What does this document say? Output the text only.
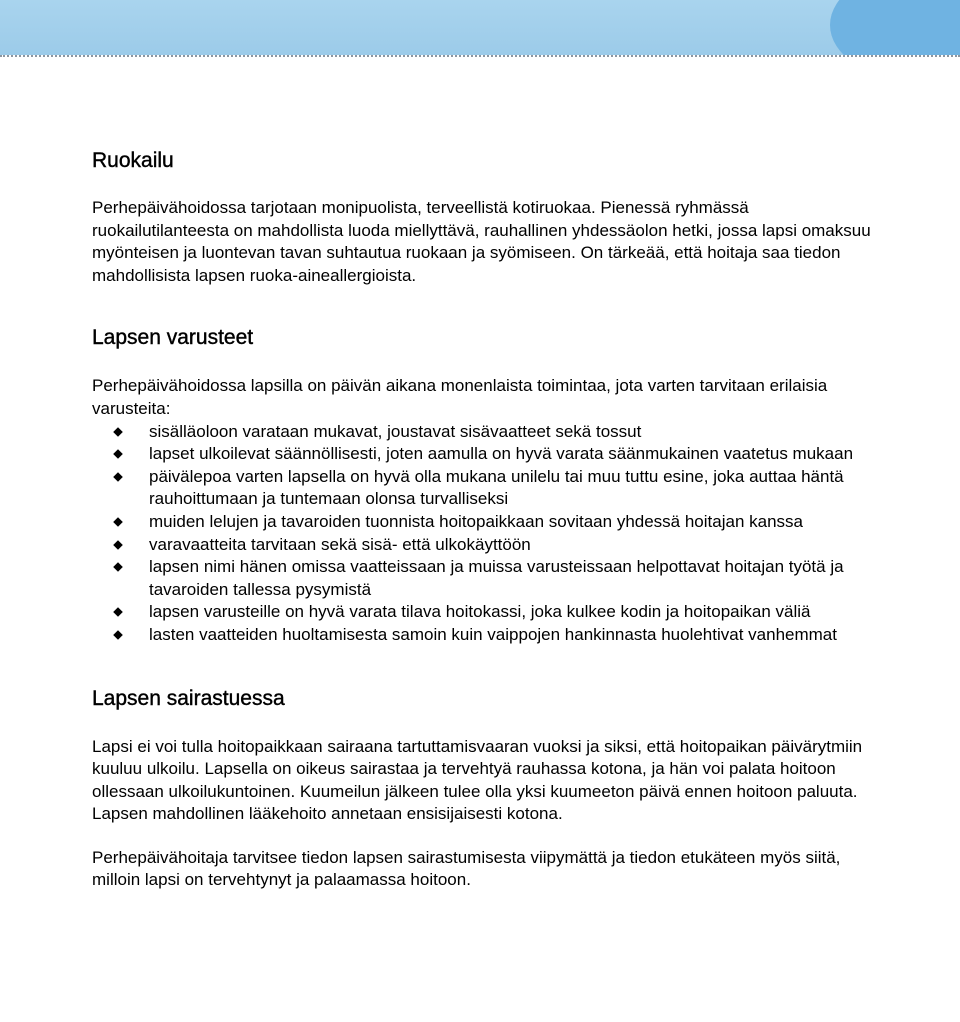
Ruokailu

Perhepäivähoidossa tarjotaan monipuolista, terveellistä kotiruokaa. Pienessä ryhmässä ruokailutilanteesta on mahdollista luoda miellyttävä, rauhallinen yhdessäolon hetki, jossa lapsi omaksuu myönteisen ja luontevan tavan suhtautua ruokaan ja syömiseen. On tärkeää, että hoitaja saa tiedon mahdollisista lapsen ruoka-aineallergioista.

Lapsen varusteet

Perhepäivähoidossa lapsilla on päivän aikana monenlaista toimintaa, jota varten tarvitaan erilaisia varusteita:

sisälläoloon varataan mukavat, joustavat sisävaatteet sekä tossut
lapset ulkoilevat säännöllisesti, joten aamulla on hyvä varata säänmukainen vaatetus mukaan
päivälepoa varten lapsella on hyvä olla mukana unilelu tai muu tuttu esine, joka auttaa häntä rauhoittumaan ja tuntemaan olonsa turvalliseksi
muiden lelujen ja tavaroiden tuonnista hoitopaikkaan sovitaan yhdessä hoitajan kanssa
varavaatteita tarvitaan sekä sisä- että ulkokäyttöön
lapsen nimi hänen omissa vaatteissaan ja muissa varusteissaan helpottavat hoitajan työtä ja tavaroiden tallessa pysymistä
lapsen varusteille on hyvä varata tilava hoitokassi, joka kulkee kodin ja hoitopaikan väliä
lasten vaatteiden huoltamisesta samoin kuin vaippojen hankinnasta huolehtivat vanhemmat
Lapsen sairastuessa

Lapsi ei voi tulla hoitopaikkaan sairaana tartuttamisvaaran vuoksi ja siksi, että hoitopaikan päivärytmiin kuuluu ulkoilu. Lapsella on oikeus sairastaa ja tervehtyä rauhassa kotona, ja hän voi palata hoitoon ollessaan ulkoilukuntoinen. Kuumeilun jälkeen tulee olla yksi kuumeeton päivä ennen hoitoon paluuta. Lapsen mahdollinen lääkehoito annetaan ensisijaisesti kotona.

Perhepäivähoitaja tarvitsee tiedon lapsen sairastumisesta viipymättä ja tiedon etukäteen myös siitä, milloin lapsi on tervehtynyt ja palaamassa hoitoon.
